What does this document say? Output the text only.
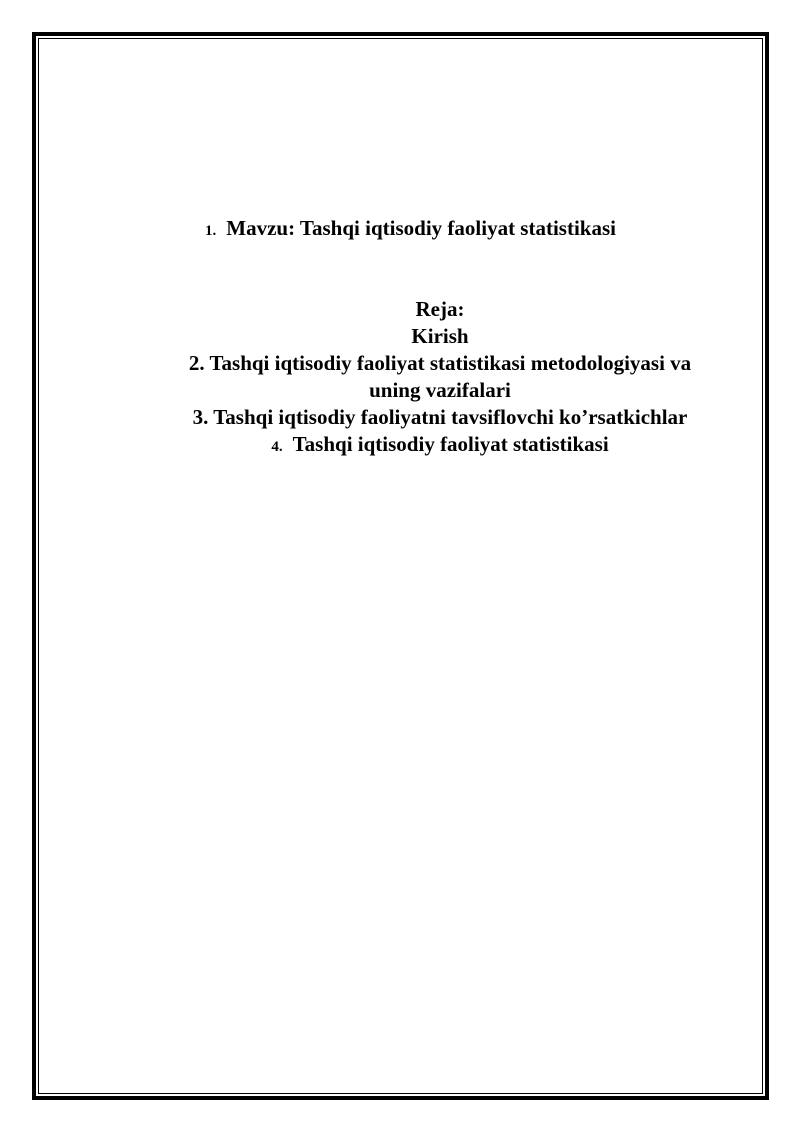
1. Mavzu: Tashqi iqtisodiy faoliyat statistikasi
Reja:
Kirish
2. Tashqi iqtisodiy faoliyat statistikasi metodologiyasi va
uning vazifalari
3. Tashqi iqtisodiy faoliyatni tavsiflovchi ko’rsatkichlar
4. Tashqi iqtisodiy faoliyat statistikasi
